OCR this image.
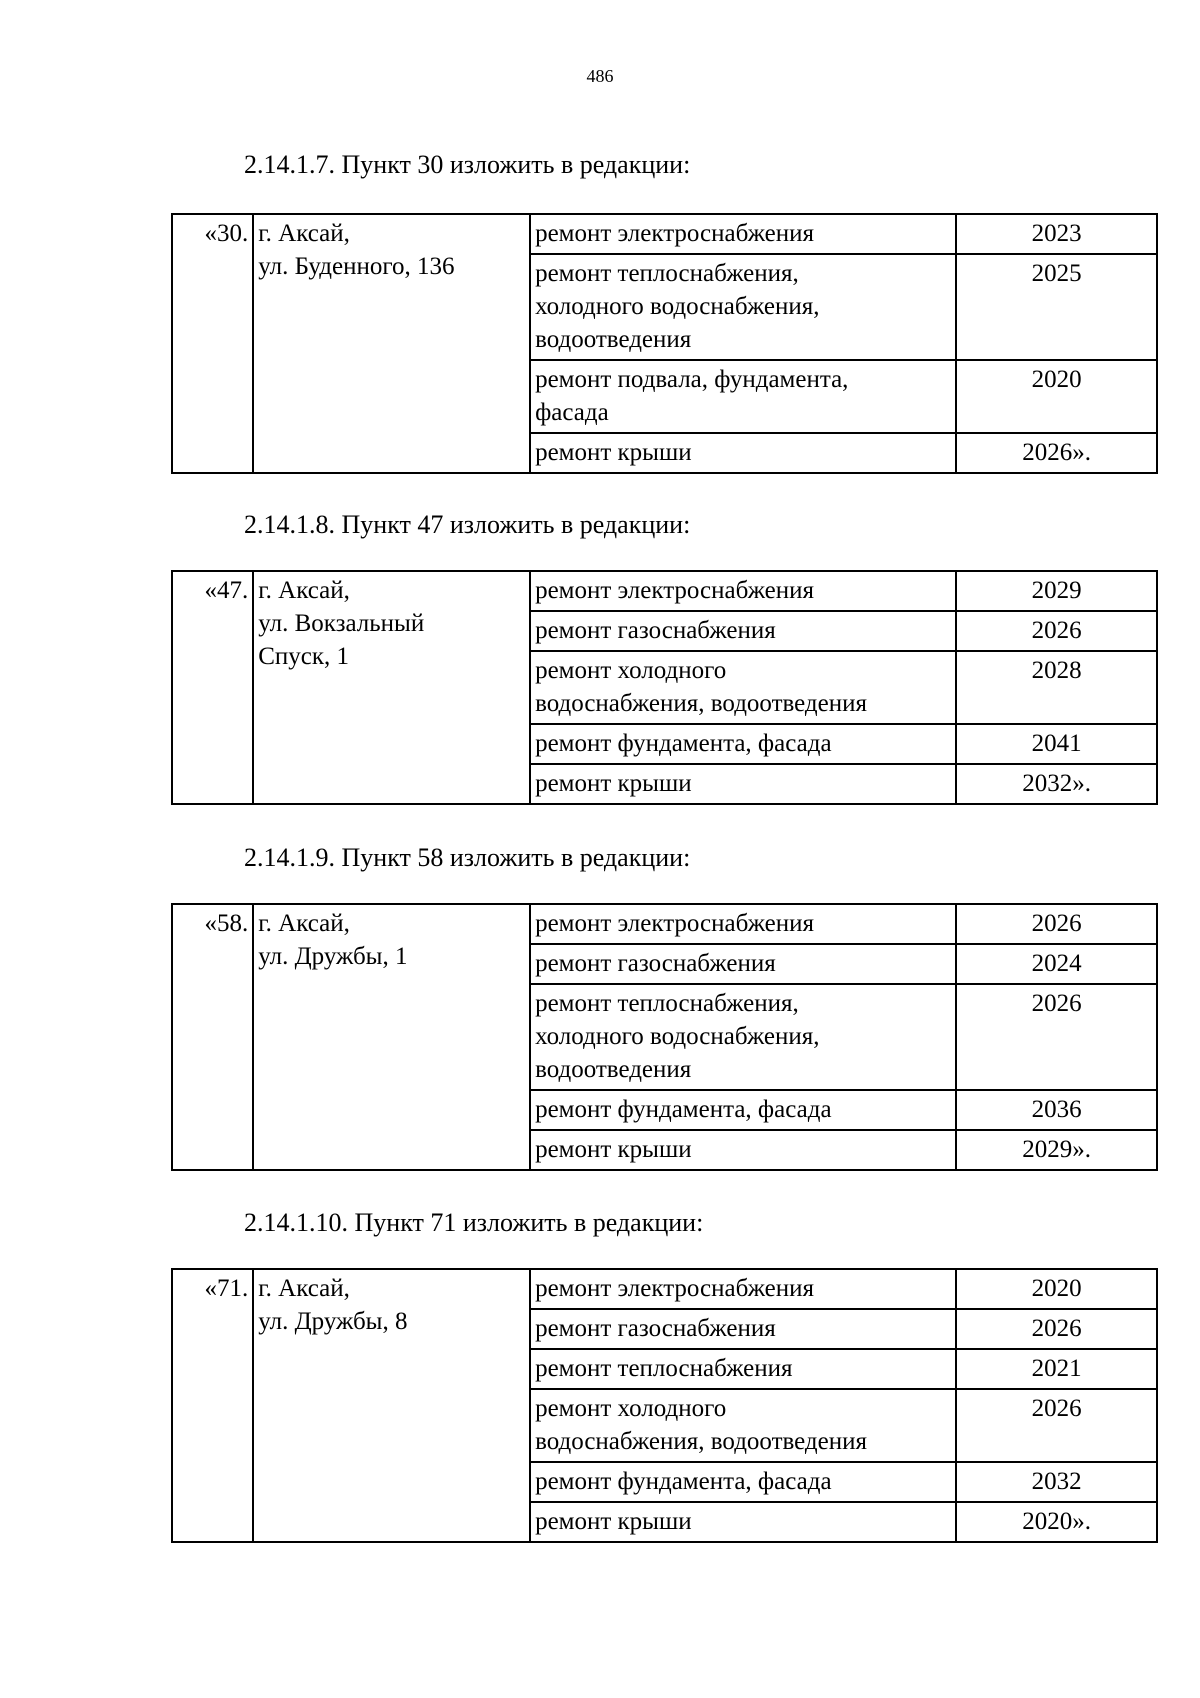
486
2.14.1.7. Пункт 30 изложить в редакции:
«30.	г. Аксай,
ул. Буденного, 136	ремонт электроснабжения	2023

		ремонт теплоснабжения,
холодного водоснабжения,
водоотведения	2025

		ремонт подвала, фундамента,
фасада	2020

		ремонт крыши	2026».
2.14.1.8. Пункт 47 изложить в редакции:
«47.	г. Аксай,
ул. Вокзальный
Спуск, 1	ремонт электроснабжения	2029

		ремонт газоснабжения	2026

		ремонт холодного
водоснабжения, водоотведения	2028

		ремонт фундамента, фасада	2041

		ремонт крыши	2032».
2.14.1.9. Пункт 58 изложить в редакции:
«58.	г. Аксай,
ул. Дружбы, 1	ремонт электроснабжения	2026

		ремонт газоснабжения	2024

		ремонт теплоснабжения,
холодного водоснабжения,
водоотведения	2026

		ремонт фундамента, фасада	2036

		ремонт крыши	2029».
2.14.1.10. Пункт 71 изложить в редакции:
«71.	г. Аксай,
ул. Дружбы, 8	ремонт электроснабжения	2020

		ремонт газоснабжения	2026

		ремонт теплоснабжения	2021

		ремонт холодного
водоснабжения, водоотведения	2026

		ремонт фундамента, фасада	2032

		ремонт крыши	2020».
